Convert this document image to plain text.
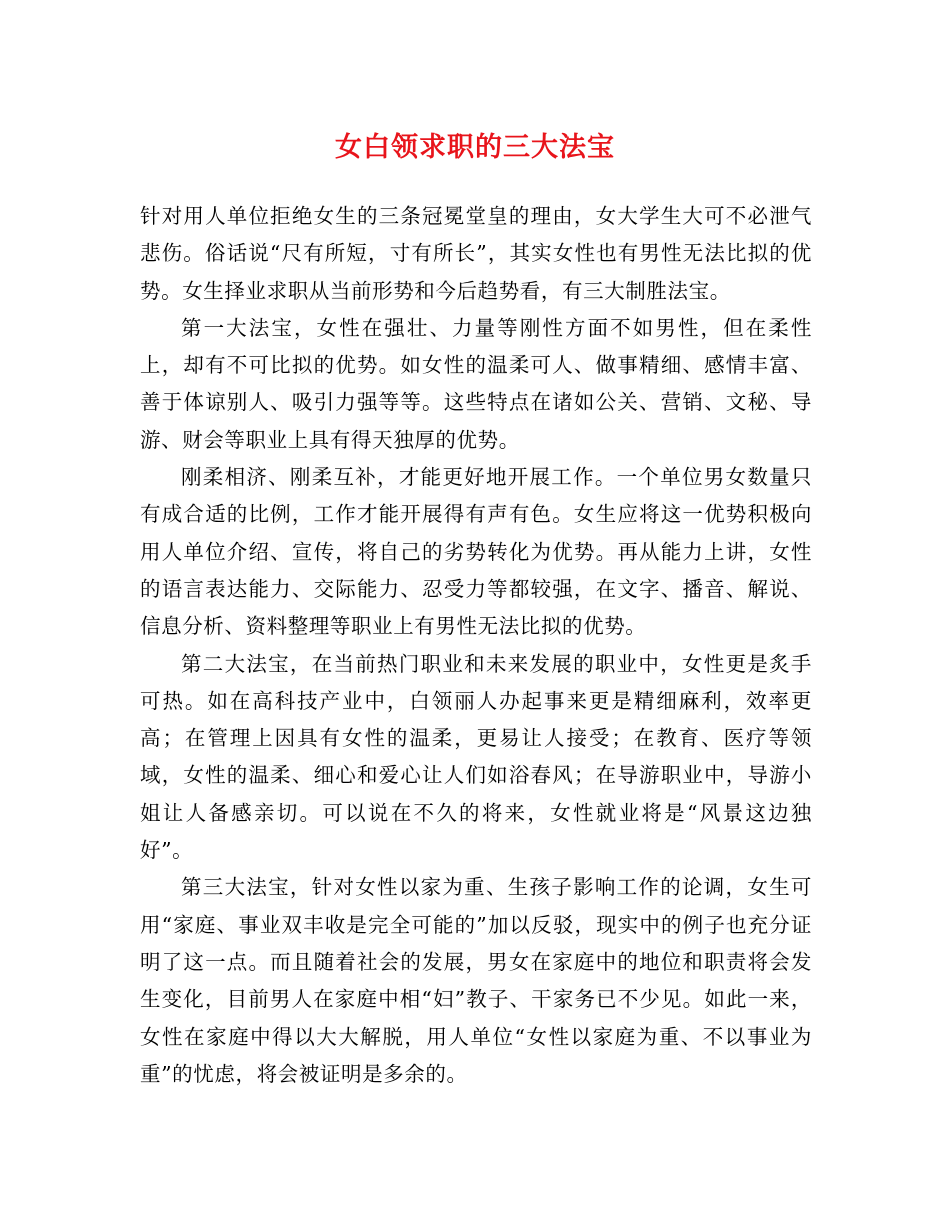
女白领求职的三大法宝

针对用人单位拒绝女生的三条冠冕堂皇的理由，女大学生大可不必泄气悲伤。俗话说“尺有所短，寸有所长”，其实女性也有男性无法比拟的优势。女生择业求职从当前形势和今后趋势看，有三大制胜法宝。

第一大法宝，女性在强壮、力量等刚性方面不如男性，但在柔性上，却有不可比拟的优势。如女性的温柔可人、做事精细、感情丰富、善于体谅别人、吸引力强等等。这些特点在诸如公关、营销、文秘、导游、财会等职业上具有得天独厚的优势。

刚柔相济、刚柔互补，才能更好地开展工作。一个单位男女数量只有成合适的比例，工作才能开展得有声有色。女生应将这一优势积极向用人单位介绍、宣传，将自己的劣势转化为优势。再从能力上讲，女性的语言表达能力、交际能力、忍受力等都较强，在文字、播音、解说、信息分析、资料整理等职业上有男性无法比拟的优势。

第二大法宝，在当前热门职业和未来发展的职业中，女性更是炙手可热。如在高科技产业中，白领丽人办起事来更是精细麻利，效率更高；在管理上因具有女性的温柔，更易让人接受；在教育、医疗等领域，女性的温柔、细心和爱心让人们如浴春风；在导游职业中，导游小姐让人备感亲切。可以说在不久的将来，女性就业将是“风景这边独好”。

第三大法宝，针对女性以家为重、生孩子影响工作的论调，女生可用“家庭、事业双丰收是完全可能的”加以反驳，现实中的例子也充分证明了这一点。而且随着社会的发展，男女在家庭中的地位和职责将会发生变化，目前男人在家庭中相“妇”教子、干家务已不少见。如此一来，女性在家庭中得以大大解脱，用人单位“女性以家庭为重、不以事业为重”的忧虑，将会被证明是多余的。
